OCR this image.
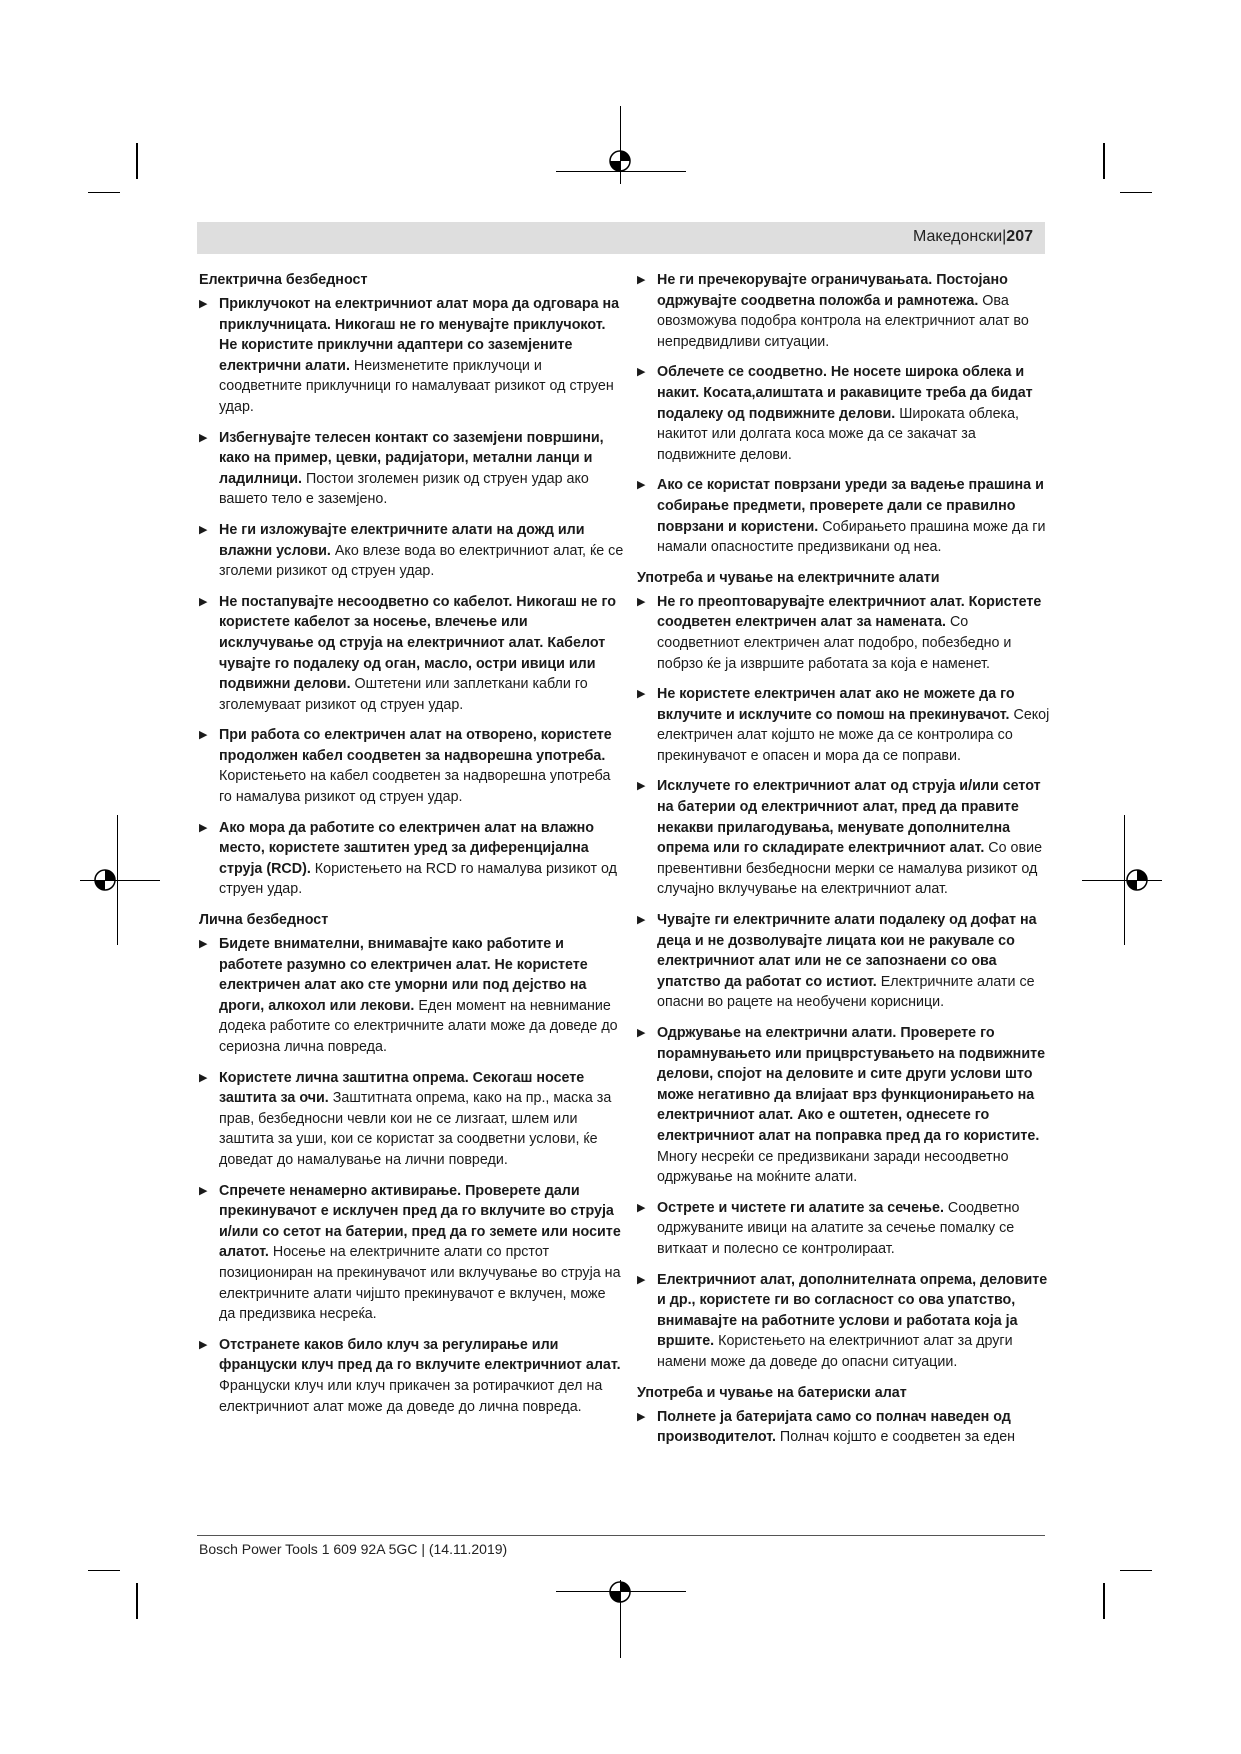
Македонски|207
Електрична безбедност
▶ Приклучокот на електричниот алат мора да одговара на приклучницата. Никогаш не го менувајте приклучокот. Не користите приклучни адаптери со заземјените електрични алати. Неизменетите приклучоци и соодветните приклучници го намалуваат ризикот од струен удар.
▶ Избегнувајте телесен контакт со заземјени површини, како на пример, цевки, радијатори, метални ланци и ладилници. Постои зголемен ризик од струен удар ако вашето тело е заземјено.
▶ Не ги изложувајте електричните алати на дожд или влажни услови. Ако влезе вода во електричниот алат, ќе се зголеми ризикот од струен удар.
▶ Не постапувајте несоодветно со кабелот. Никогаш не го користете кабелот за носење, влечење или исклучување од струја на електричниот алат. Кабелот чувајте го подалеку од оган, масло, остри ивици или подвижни делови. Оштетени или заплеткани кабли го зголемуваат ризикот од струен удар.
▶ При работа со електричен алат на отворено, користете продолжен кабел соодветен за надворешна употреба. Користењето на кабел соодветен за надворешна употреба го намалува ризикот од струен удар.
▶ Ако мора да работите со електричен алат на влажно место, користете заштитен уред за диференцијална струја (RCD). Користењето на RCD го намалува ризикот од струен удар.
Лична безбедност
▶ Бидете внимателни, внимавајте како работите и работете разумно со електричен алат. Не користете електричен алат ако сте уморни или под дејство на дроги, алкохол или лекови. Еден момент на невнимание додека работите со електричните алати може да доведе до сериозна лична повреда.
▶ Користете лична заштитна опрема. Секогаш носете заштита за очи. Заштитната опрема, како на пр., маска за прав, безбедносни чевли кои не се лизгаат, шлем или заштита за уши, кои се користат за соодветни услови, ќе доведат до намалување на лични повреди.
▶ Спречете ненамерно активирање. Проверете дали прекинувачот е исклучен пред да го вклучите во струја и/или со сетот на батерии, пред да го земете или носите алатот. Носење на електричните алати со прстот позициониран на прекинувачот или вклучување во струја на електричните алати чијшто прекинувачот е вклучен, може да предизвика несреќа.
▶ Отстранете каков било клуч за регулирање или француски клуч пред да го вклучите електричниот алат. Француски клуч или клуч прикачен за ротирачкиот дел на електричниот алат може да доведе до лична повреда.
▶ Не ги пречекорувајте ограничувањата. Постојано одржувајте соодветна положба и рамнотежа. Ова овозможува подобра контрола на електричниот алат во непредвидливи ситуации.
▶ Облечете се соодветно. Не носете широка облека и накит. Косата,алиштата и ракавиците треба да бидат подалеку од подвижните делови. Широката облека, накитот или долгата коса може да се закачат за подвижните делови.
▶ Ако се користат поврзани уреди за вадење прашина и собирање предмети, проверете дали се правилно поврзани и користени. Собирањето прашина може да ги намали опасностите предизвикани од неа.
Употреба и чување на електричните алати
▶ Не го преоптоварувајте електричниот алат. Користете соодветен електричен алат за намената. Со соодветниот електричен алат подобро, побезбедно и побрзо ќе ја извршите работата за која е наменет.
▶ Не користете електричен алат ако не можете да го вклучите и исклучите со помош на прекинувачот. Секој електричен алат којшто не може да се контролира со прекинувачот е опасен и мора да се поправи.
▶ Исклучете го електричниот алат од струја и/или сетот на батерии од електричниот алат, пред да правите некакви прилагодувања, менувате дополнителна опрема или го складирате електричниот алат. Со овие превентивни безбедносни мерки се намалува ризикот од случајно вклучување на електричниот алат.
▶ Чувајте ги електричните алати подалеку од дофат на деца и не дозволувајте лицата кои не ракувале со електричниот алат или не се запознаени со ова упатство да работат со истиот. Електричните алати се опасни во рацете на необучени корисници.
▶ Одржување на електрични алати. Проверете го порамнувањето или прицврстувањето на подвижните делови, спојот на деловите и сите други услови што може негативно да влијаат врз функционирањето на електричниот алат. Ако е оштетен, однесете го електричниот алат на поправка пред да го користите. Многу несреќи се предизвикани заради несоодветно одржување на моќните алати.
▶ Острете и чистете ги алатите за сечење. Соодветно одржуваните ивици на алатите за сечење помалку се виткаат и полесно се контролираат.
▶ Електричниот алат, дополнителната опрема, деловите и др., користете ги во согласност со ова упатство, внимавајте на работните услови и работата која ја вршите. Користењето на електричниот алат за други намени може да доведе до опасни ситуации.
Употреба и чување на батериски алат
▶ Полнете ја батеријата само со полнач наведен од производителот. Полнач којшто е соодветен за еден
Bosch Power Tools 1 609 92A 5GC | (14.11.2019)
